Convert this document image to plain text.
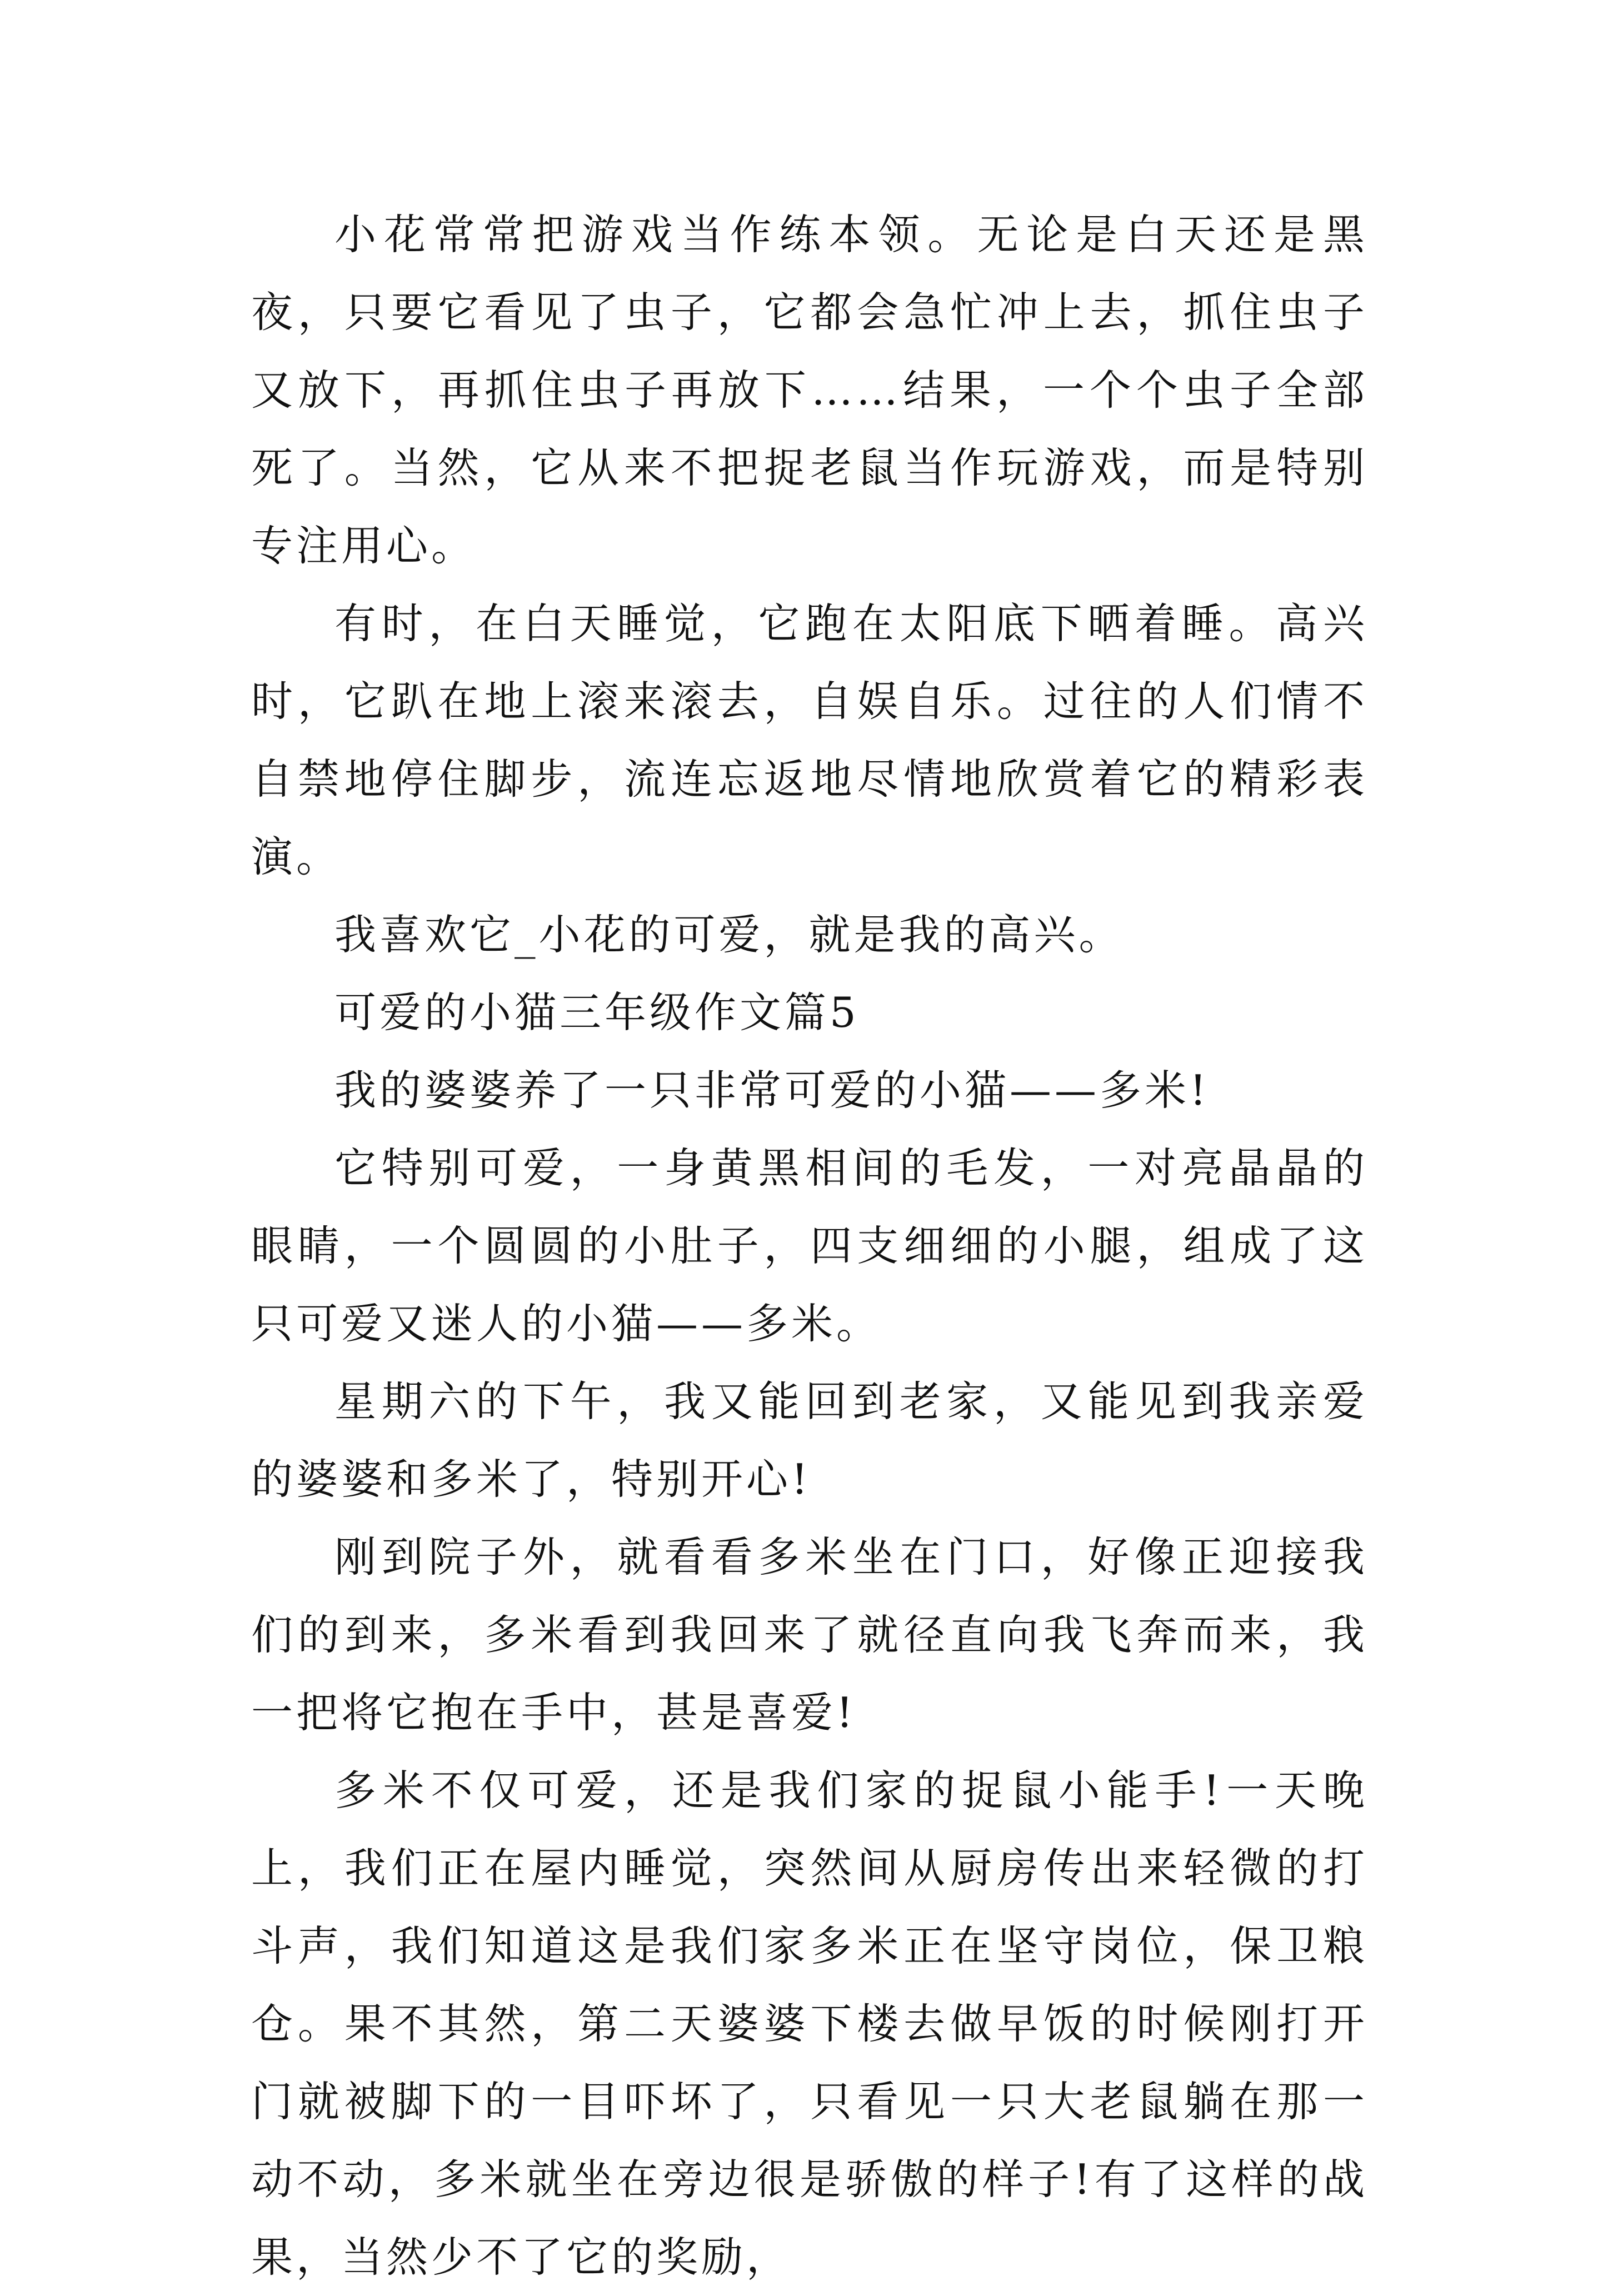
小花常常把游戏当作练本领。无论是白天还是黑夜，只要它看见了虫子，它都会急忙冲上去，抓住虫子又放下，再抓住虫子再放下……结果，一个个虫子全部死了。当然，它从来不把捉老鼠当作玩游戏，而是特别专注用心。

有时，在白天睡觉，它跑在太阳底下晒着睡。高兴时，它趴在地上滚来滚去，自娱自乐。过往的人们情不自禁地停住脚步，流连忘返地尽情地欣赏着它的精彩表演。

我喜欢它_小花的可爱，就是我的高兴。

可爱的小猫三年级作文篇5

我的婆婆养了一只非常可爱的小猫——多米!

它特别可爱，一身黄黑相间的毛发，一对亮晶晶的眼睛，一个圆圆的小肚子，四支细细的小腿，组成了这只可爱又迷人的小猫——多米。

星期六的下午，我又能回到老家，又能见到我亲爱的婆婆和多米了，特别开心!

刚到院子外，就看看多米坐在门口，好像正迎接我们的到来，多米看到我回来了就径直向我飞奔而来，我一把将它抱在手中，甚是喜爱!

多米不仅可爱，还是我们家的捉鼠小能手!一天晚上，我们正在屋内睡觉，突然间从厨房传出来轻微的打斗声，我们知道这是我们家多米正在坚守岗位，保卫粮仓。果不其然，第二天婆婆下楼去做早饭的时候刚打开门就被脚下的一目吓坏了，只看见一只大老鼠躺在那一动不动，多米就坐在旁边很是骄傲的样子!有了这样的战果，当然少不了它的奖励，
